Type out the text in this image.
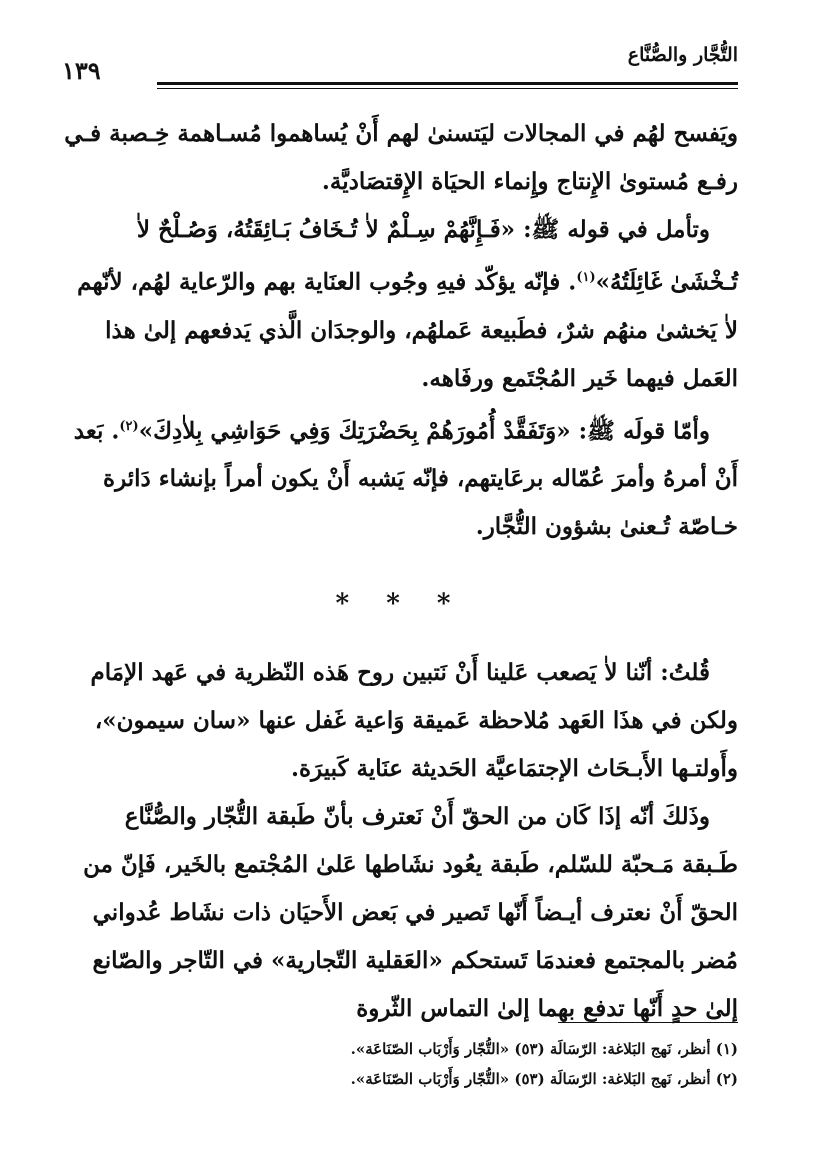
التُّجَّار والصُّنَّاع
١٣٩

ويَفسح لهُم في المجالات ليَتسنىٰ لهم أَنْ يُساهموا مُسـاهمة خِـصبة فـي رفـع مُستوىٰ الإِنتاج وإِنماء الحيَاة الإِقتصَاديَّة.

وتأمل في قوله ﷺ: «فَـإِنَّهُمْ سِـلْمٌ لاٰ تُـخَافُ بَـائِقَتُهُ، وَصُـلْحٌ لاٰ تُـخْشَىٰ غَائِلَتُهُ»$^{(١)}$. فإنّه يؤكّد فيهِ وجُوب العنَاية بهم والرّعاية لهُم، لأنّهم لاٰ يَخشىٰ منهُم شرٌ، فطَبيعة عَملهُم، والوجدَان الَّذي يَدفعهم إلىٰ هذا العَمل فيهما خَير المُجْتَمع ورفَاهه.

وأمّا قولَه ﷺ: «وَتَفَقَّدْ أُمُورَهُمْ بِحَضْرَتِكَ وَفِي حَوَاشِي بِلاٰدِكَ»$^{(٢)}$. بَعد أَنْ أمرهُ وأمرَ عُمّاله برعَايتهم، فإنّه يَشبه أَنْ يكون أمراً بإنشاء دَائرة خـاصّة تُـعنىٰ بشؤون التُّجَّار.

* * *

قُلتُ: أنّنا لاٰ يَصعب عَلينا أَنْ نَتبين روح هَذه النّظرية في عَهد الإمَام ولكن في هذَا العَهد مُلاحظة عَميقة وَاعية غَفل عنها «سان سيمون»، وأَولتـها الأَبـحَاث الإجتمَاعيَّة الحَديثة عنَاية كَبيرَة.

وذَلكَ أنّه إذَا كَان من الحقّ أَنْ نَعترف بأنّ طَبقة التُّجّار والصُّنَّاع طَـبقة مَـحبّة للسّلم، طَبقة يعُود نشَاطها عَلىٰ المُجْتمع بالخَير، فَإنّ من الحقّ أَنْ نعترف أيـضاً أَنّها تَصير في بَعض الأَحيَان ذات نشَاط عُدواني مُضر بالمجتمع فعندمَا تَستحكم «العَقلية التّجارية» في التّاجر والصّانع إلىٰ حدٍ أَنّها تدفع بهما إلىٰ التماس الثّروة

(١) أنظر، نَهج البَلاغة: الرّسَالَة (٥٣) «التُّجّار وَأَرْبَاب الصّنَاعَة».

(٢) أنظر، نَهج البَلاغة: الرّسَالَة (٥٣) «التُّجّار وَأَرْبَاب الصّنَاعَة».
